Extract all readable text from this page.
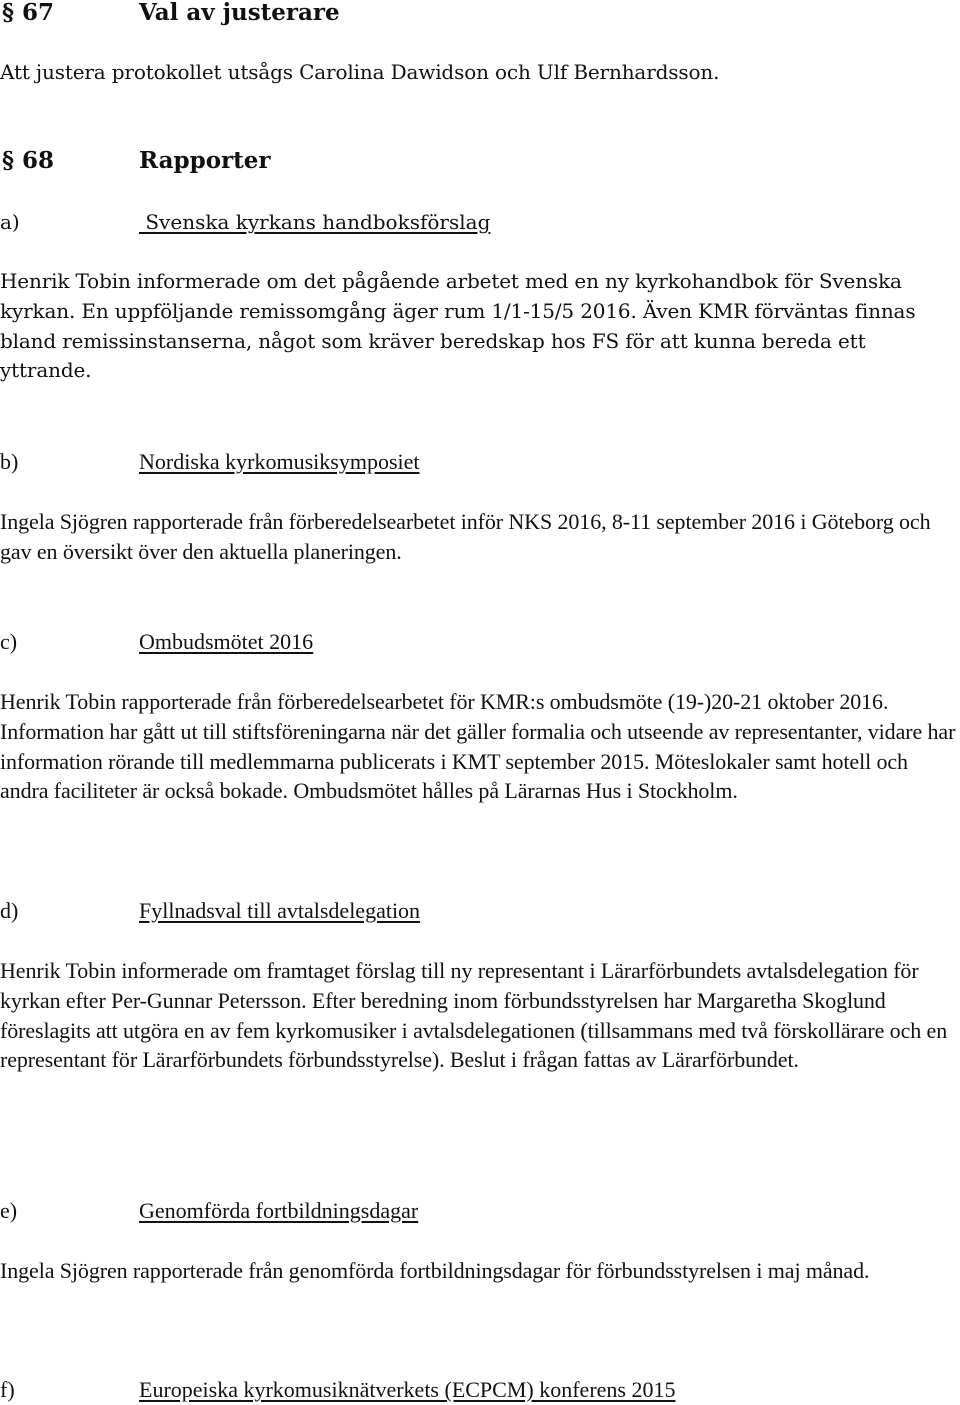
§ 67	Val av justerare

Att justera protokollet utsågs Carolina Dawidson och Ulf Bernhardsson.

§ 68	Rapporter
a)	Svenska kyrkans handboksförslag

Henrik Tobin informerade om det pågående arbetet med en ny kyrkohandbok för Svenska kyrkan. En uppföljande remissomgång äger rum 1/1-15/5 2016. Även KMR förväntas finnas bland remissinstanserna, något som kräver beredskap hos FS för att kunna bereda ett yttrande.

b)	Nordiska kyrkomusiksymposiet

Ingela Sjögren rapporterade från förberedelsearbetet inför NKS 2016, 8-11 september 2016 i Göteborg och gav en översikt över den aktuella planeringen.

c)	Ombudsmötet 2016

Henrik Tobin rapporterade från förberedelsearbetet för KMR:s ombudsmöte (19-)20-21 oktober 2016. Information har gått ut till stiftsföreningarna när det gäller formalia och utseende av representanter, vidare har information rörande till medlemmarna publicerats i KMT september 2015. Möteslokaler samt hotell och andra faciliteter är också bokade. Ombudsmötet hålles på Lärarnas Hus i Stockholm.

d)	Fyllnadsval till avtalsdelegation

Henrik Tobin informerade om framtaget förslag till ny representant i Lärarförbundets avtalsdelegation för kyrkan efter Per-Gunnar Petersson. Efter beredning inom förbundsstyrelsen har Margaretha Skoglund föreslagits att utgöra en av fem kyrkomusiker i avtalsdelegationen (tillsammans med två förskollärare och en representant för Lärarförbundets förbundsstyrelse). Beslut i frågan fattas av Lärarförbundet.

e)	Genomförda fortbildningsdagar

Ingela Sjögren rapporterade från genomförda fortbildningsdagar för förbundsstyrelsen i maj månad.

f)	Europeiska kyrkomusiknätverkets (ECPCM) konferens 2015
